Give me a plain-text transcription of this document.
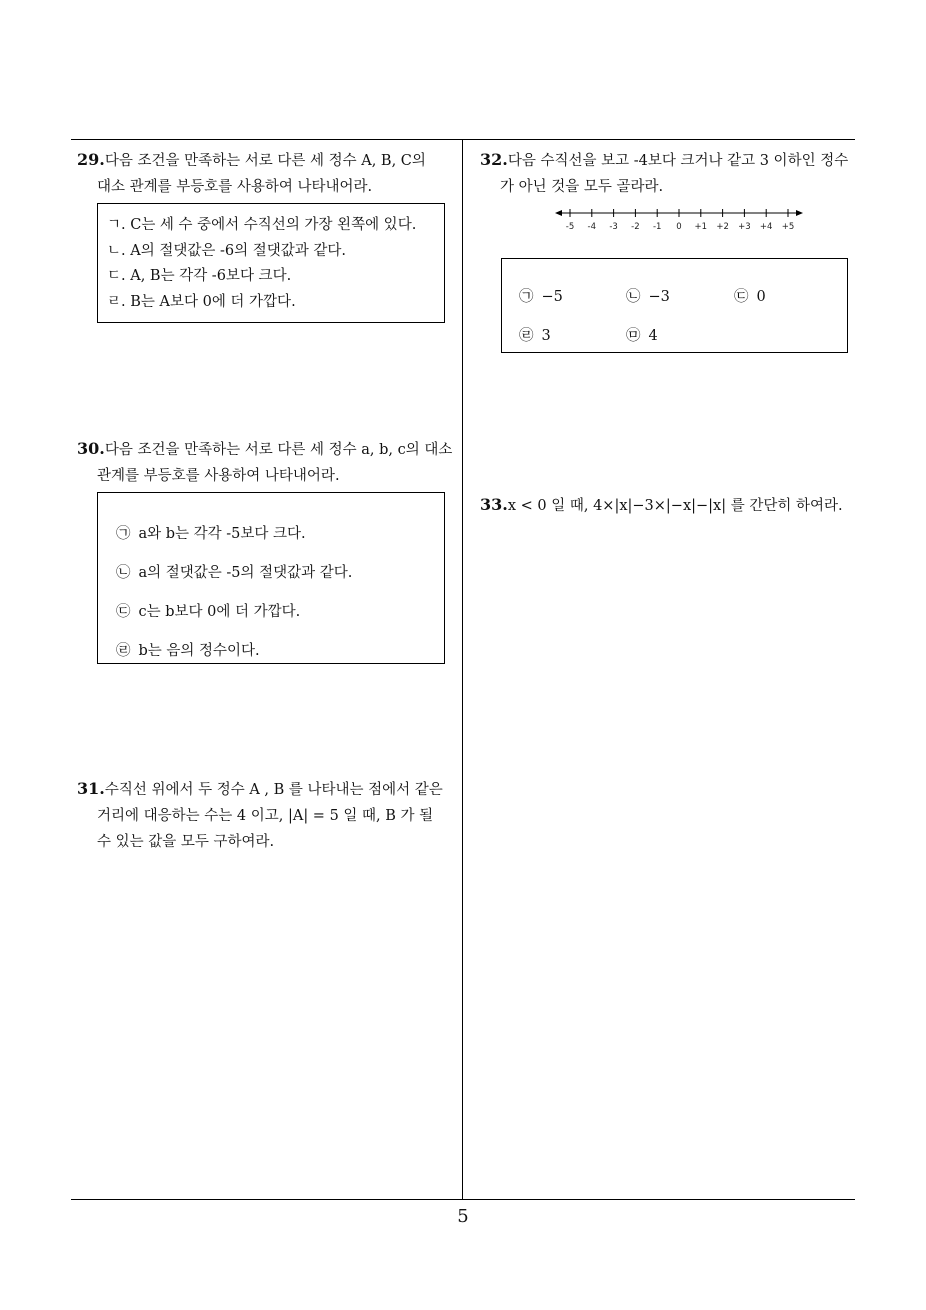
29.다음 조건을 만족하는 서로 다른 세 정수 A, B, C의
대소 관계를 부등호를 사용하여 나타내어라.
ㄱ. C는 세 수 중에서 수직선의 가장 왼쪽에 있다.
ㄴ. A의 절댓값은 -6의 절댓값과 같다.
ㄷ. A, B는 각각 -6보다 크다.
ㄹ. B는 A보다 0에 더 가깝다.
30.다음 조건을 만족하는 서로 다른 세 정수 a, b, c의 대소
관계를 부등호를 사용하여 나타내어라.
㉠ a와 b는 각각 -5보다 크다.
㉡ a의 절댓값은 -5의 절댓값과 같다.
㉢ c는 b보다 0에 더 가깝다.
㉣ b는 음의 정수이다.
31.수직선 위에서 두 정수 A , B 를 나타내는 점에서 같은
거리에 대응하는 수는 4 이고, |A| = 5 일 때, B 가 될
수 있는 값을 모두 구하여라.
32.다음 수직선을 보고 -4보다 크거나 같고 3 이하인 정수
가 아닌 것을 모두 골라라.
-5 -4 -3 -2 -1 0 +1 +2 +3 +4 +5
㉠ −5	㉡ −3	㉢ 0
㉣ 3	㉤ 4
33.x < 0 일 때, 4×|x|−3×|−x|−|x| 를 간단히 하여라.
5
